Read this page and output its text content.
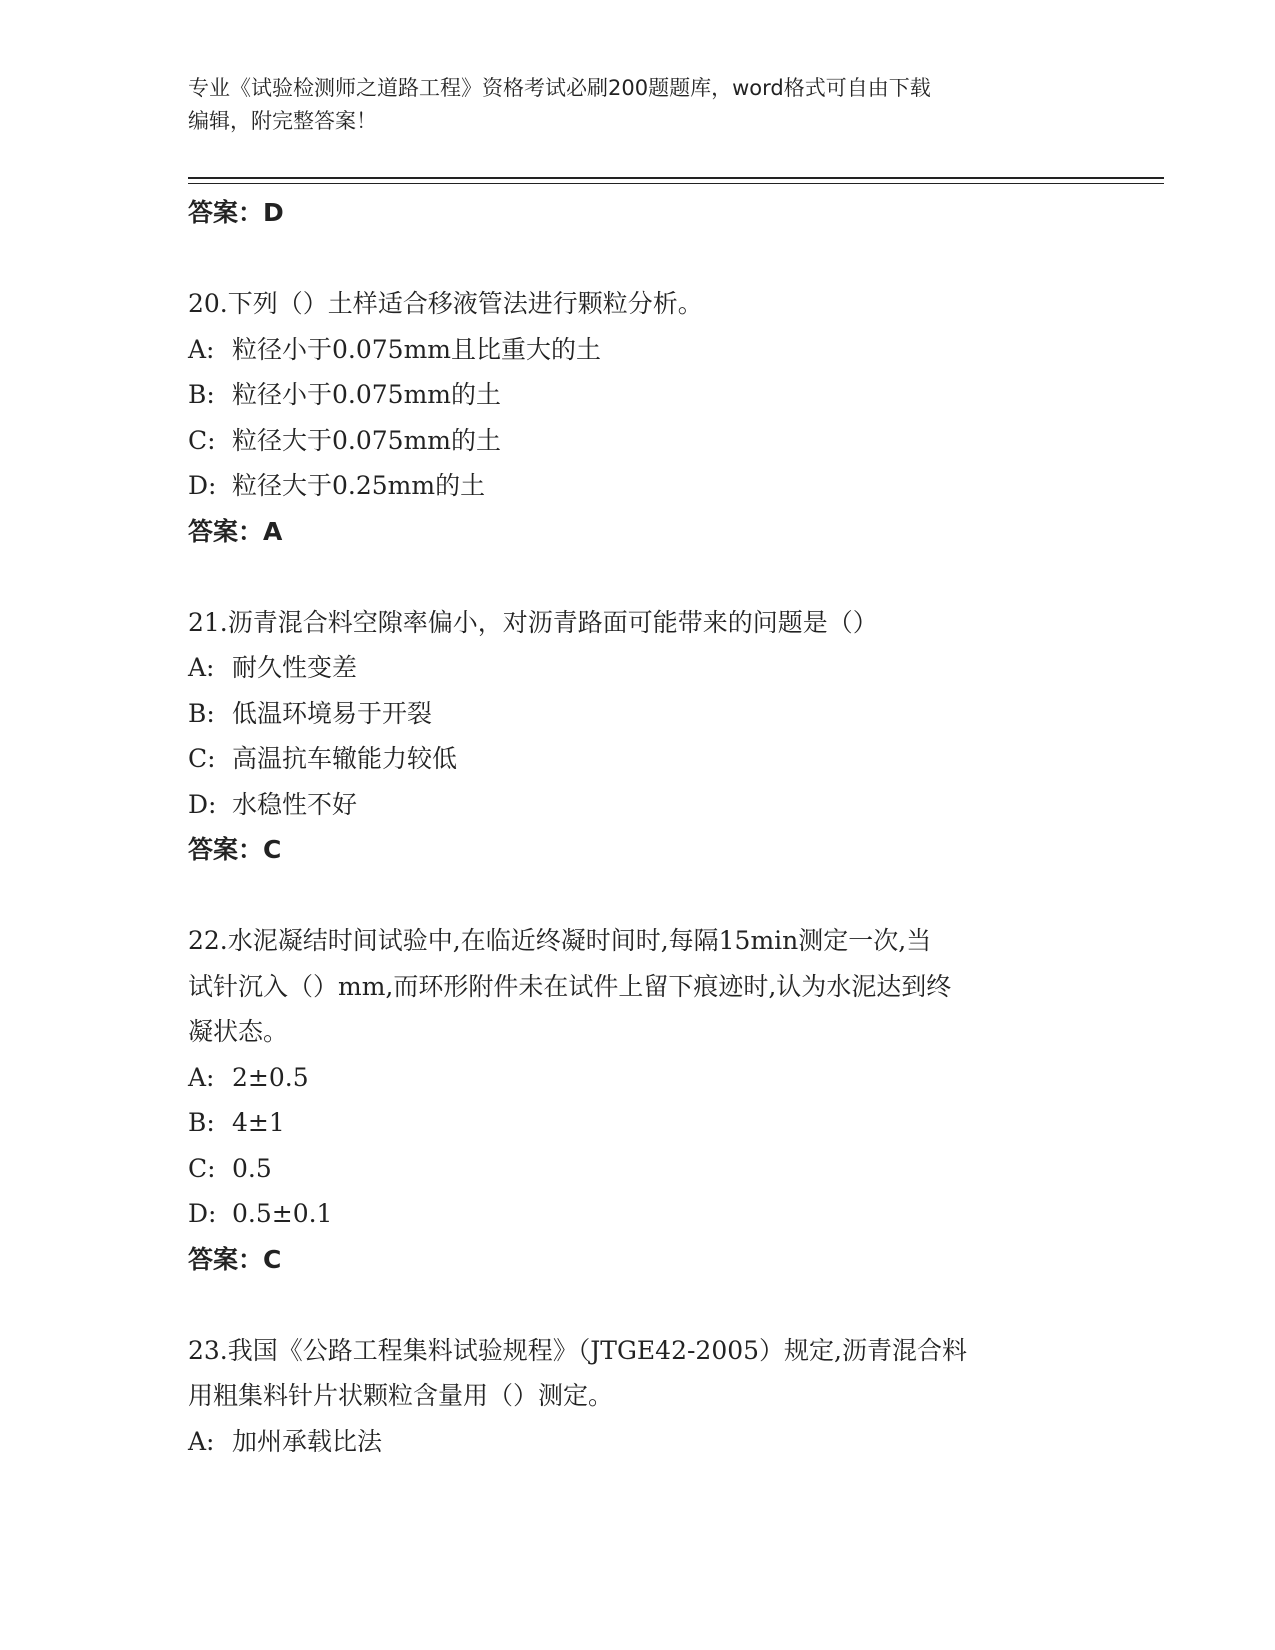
专业《试验检测师之道路工程》资格考试必刷200题题库，word格式可自由下载
编辑，附完整答案！
答案：D
20.下列（）土样适合移液管法进行颗粒分析。
A: 粒径小于0.075mm且比重大的土
B: 粒径小于0.075mm的土
C: 粒径大于0.075mm的土
D: 粒径大于0.25mm的土
答案：A
21.沥青混合料空隙率偏小，对沥青路面可能带来的问题是（）
A: 耐久性变差
B: 低温环境易于开裂
C: 高温抗车辙能力较低
D: 水稳性不好
答案：C
22.水泥凝结时间试验中,在临近终凝时间时,每隔15min测定一次,当
试针沉入（）mm,而环形附件未在试件上留下痕迹时,认为水泥达到终
凝状态。
A: 2±0.5
B: 4±1
C: 0.5
D: 0.5±0.1
答案：C
23.我国《公路工程集料试验规程》（JTGE42-2005）规定,沥青混合料
用粗集料针片状颗粒含量用（）测定。
A: 加州承载比法
